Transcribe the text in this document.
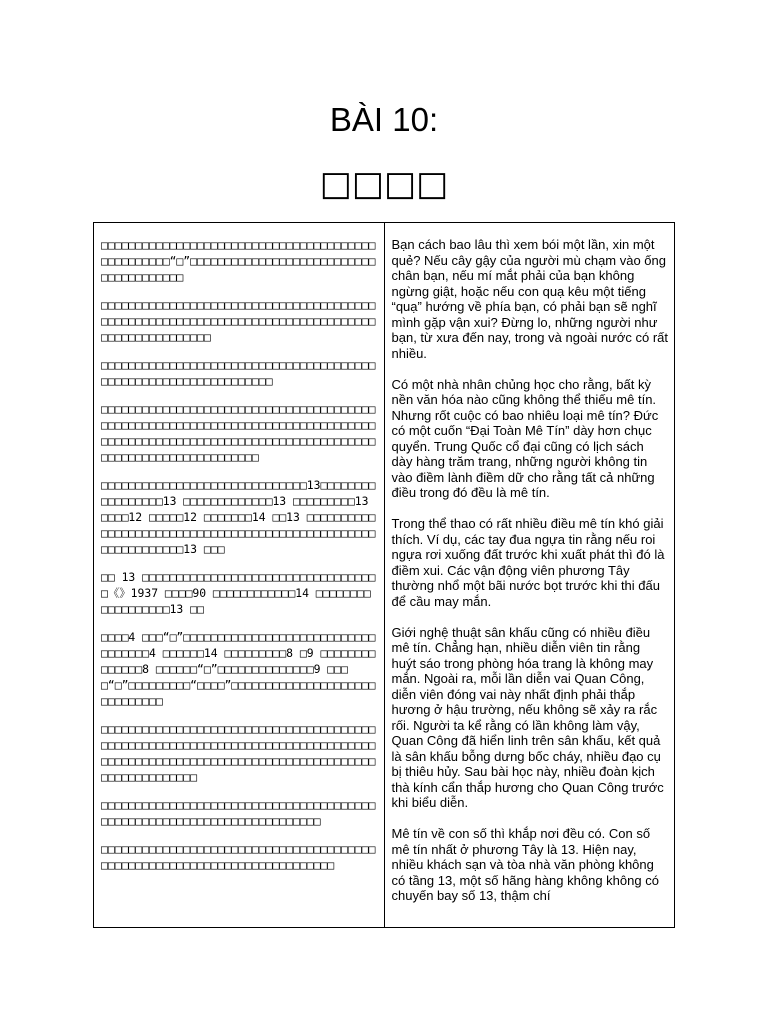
BÀI 10:
□□□□

□□□□□□□□□□□□□□□□□□□□□□□□□□□□□□□□□□□□□□□□□□□□□□□□□□“□”□□□□□□□□□□□□□□□□□□□□□□□□□□□□□□□□□□□□□□□

□□□□□□□□□□□□□□□□□□□□□□□□□□□□□□□□□□□□□□□□□□□□□□□□□□□□□□□□□□□□□□□□□□□□□□□□□□□□□□□□□□□□□□□□□□□□□□□□

□□□□□□□□□□□□□□□□□□□□□□□□□□□□□□□□□□□□□□□□□□□□□□□□□□□□□□□□□□□□□□□□□

□□□□□□□□□□□□□□□□□□□□□□□□□□□□□□□□□□□□□□□□□□□□□□□□□□□□□□□□□□□□□□□□□□□□□□□□□□□□□□□□□□□□□□□□□□□□□□□□□□□□□□□□□□□□□□□□□□□□□□□□□□□□□□□□□□□□□□□□□□□□□□□

□□□□□□□□□□□□□□□□□□□□□□□□□□□□□□13□□□□□□□□□□□□□□□□□13 □□□□□□□□□□□□□13 □□□□□□□□□13 □□□□12 □□□□□12 □□□□□□□14 □□13 □□□□□□□□□□□□□□□□□□□□□□□□□□□□□□□□□□□□□□□□□□□□□□□□□□□□□□□□□□□□□□13 □□□

□□ 13 □□□□□□□□□□□□□□□□□□□□□□□□□□□□□□□□□□□《》1937 □□□□90 □□□□□□□□□□□□14 □□□□□□□□□□□□□□□□□□13 □□

□□□□4 □□□“□”□□□□□□□□□□□□□□□□□□□□□□□□□□□□□□□□□□□4 □□□□□□14 □□□□□□□□□8 □9 □□□□□□□□□□□□□□8 □□□□□□“□”□□□□□□□□□□□□□□9 □□□□“□”□□□□□□□□□“□□□□”□□□□□□□□□□□□□□□□□□□□□□□□□□□□□□

□□□□□□□□□□□□□□□□□□□□□□□□□□□□□□□□□□□□□□□□□□□□□□□□□□□□□□□□□□□□□□□□□□□□□□□□□□□□□□□□□□□□□□□□□□□□□□□□□□□□□□□□□□□□□□□□□□□□□□□□□□□□□□□□□□□□□□

□□□□□□□□□□□□□□□□□□□□□□□□□□□□□□□□□□□□□□□□□□□□□□□□□□□□□□□□□□□□□□□□□□□□□□□□

□□□□□□□□□□□□□□□□□□□□□□□□□□□□□□□□□□□□□□□□□□□□□□□□□□□□□□□□□□□□□□□□□□□□□□□□□□

Bạn cách bao lâu thì xem bói một lần, xin một quẻ? Nếu cây gậy của người mù chạm vào ống chân bạn, nếu mí mắt phải của bạn không ngừng giật, hoặc nếu con quạ kêu một tiếng “quạ” hướng về phía bạn, có phải bạn sẽ nghĩ mình gặp vận xui? Đừng lo, những người như bạn, từ xưa đến nay, trong và ngoài nước có rất nhiều.

Có một nhà nhân chủng học cho rằng, bất kỳ nền văn hóa nào cũng không thể thiếu mê tín. Nhưng rốt cuộc có bao nhiêu loại mê tín? Đức có một cuốn “Đại Toàn Mê Tín” dày hơn chục quyển. Trung Quốc cổ đại cũng có lịch sách dày hàng trăm trang, những người không tin vào điềm lành điềm dữ cho rằng tất cả những điều trong đó đều là mê tín.

Trong thể thao có rất nhiều điều mê tín khó giải thích. Ví dụ, các tay đua ngựa tin rằng nếu roi ngựa rơi xuống đất trước khi xuất phát thì đó là điềm xui. Các vận động viên phương Tây thường nhổ một bãi nước bọt trước khi thi đấu để cầu may mắn.

Giới nghệ thuật sân khấu cũng có nhiều điều mê tín. Chẳng hạn, nhiều diễn viên tin rằng huýt sáo trong phòng hóa trang là không may mắn. Ngoài ra, mỗi lần diễn vai Quan Công, diễn viên đóng vai này nhất định phải thắp hương ở hậu trường, nếu không sẽ xảy ra rắc rối. Người ta kể rằng có lần không làm vậy, Quan Công đã hiển linh trên sân khấu, kết quả là sân khấu bỗng dưng bốc cháy, nhiều đạo cụ bị thiêu hủy. Sau bài học này, nhiều đoàn kịch thà kính cẩn thắp hương cho Quan Công trước khi biểu diễn.

Mê tín về con số thì khắp nơi đều có. Con số mê tín nhất ở phương Tây là 13. Hiện nay, nhiều khách sạn và tòa nhà văn phòng không có tầng 13, một số hãng hàng không không có chuyến bay số 13, thậm chí
